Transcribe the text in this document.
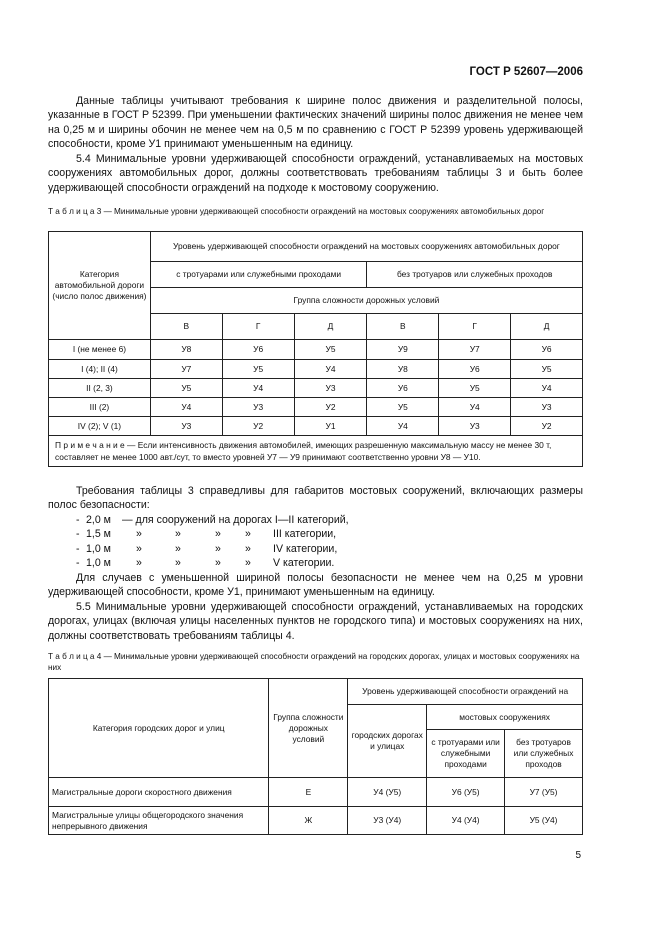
ГОСТ Р 52607—2006

Данные таблицы учитывают требования к ширине полос движения и разделительной полосы, указанные в ГОСТ Р 52399. При уменьшении фактических значений ширины полос движения не менее чем на 0,25 м и ширины обочин не менее чем на 0,5 м по сравнению с ГОСТ Р 52399 уровень удерживающей способности, кроме У1 принимают уменьшенным на единицу.

5.4 Минимальные уровни удерживающей способности ограждений, устанавливаемых на мостовых сооружениях автомобильных дорог, должны соответствовать требованиям таблицы 3 и быть более удерживающей способности ограждений на подходе к мостовому сооружению.

Т а б л и ц а 3 — Минимальные уровни удерживающей способности ограждений на мостовых сооружениях автомобильных дорог

Категория автомобильной дороги (число полос движения)	Уровень удерживающей способности ограждений на мостовых сооружениях автомобильных дорог					
	с тротуарами или служебными проходами			без тротуаров или служебных проходов		
	Группа сложности дорожных условий					
	В	Г	Д	В	Г	Д
I (не менее 6)	У8	У6	У5	У9	У7	У6
I (4); II (4)	У7	У5	У4	У8	У6	У5
II (2, 3)	У5	У4	У3	У6	У5	У4
III (2)	У4	У3	У2	У5	У4	У3
IV (2); V (1)	У3	У2	У1	У4	У3	У2
П р и м е ч а н и е — Если интенсивность движения автомобилей, имеющих разрешенную максимальную массу не менее 30 т, составляет не менее 1000 авт./сут, то вместо уровней У7 — У9 принимают соответственно уровни У8 — У10.						

Требования таблицы 3 справедливы для габаритов мостовых сооружений, включающих размеры полос безопасности:

- 2,0 м — для сооружений на дорогах I—II категорий,
- 1,5 м »	»	» » III категории,
- 1,0 м »	»	» » IV категории,
- 1,0 м »	»	» » V категории.

Для случаев с уменьшенной шириной полосы безопасности не менее чем на 0,25 м уровни удерживающей способности, кроме У1, принимают уменьшенным на единицу.

5.5 Минимальные уровни удерживающей способности ограждений, устанавливаемых на городских дорогах, улицах (включая улицы населенных пунктов не городского типа) и мостовых сооружениях на них, должны соответствовать требованиям таблицы 4.

Т а б л и ц а 4 — Минимальные уровни удерживающей способности ограждений на городских дорогах, улицах и мостовых сооружениях на них

Категория городских дорог и улиц	Группа сложности дорожных условий	Уровень удерживающей способности ограждений на		
		городских дорогах и улицах	мостовых сооружениях	
			с тротуарами или служебными проходами	без тротуаров или служебных проходов
Магистральные дороги скоростного движения	Е	У4 (У5)	У6 (У5)	У7 (У5)
Магистральные улицы общегородского значения непрерывного движения	Ж	У3 (У4)	У4 (У4)	У5 (У4)
5
